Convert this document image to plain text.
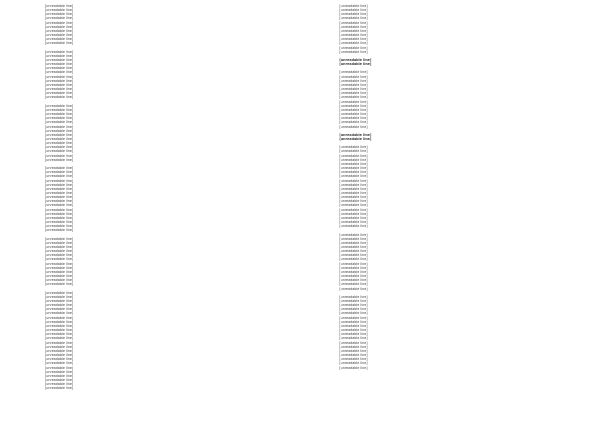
[unreadable line]
[unreadable line]
[unreadable line]
[unreadable line]
[unreadable line]
[unreadable line]
[unreadable line]
[unreadable line]
[unreadable line]
[unreadable line]
[unreadable line]
[unreadable line]
[unreadable line]
[unreadable line]
[unreadable line]
[unreadable line]
[unreadable line]
[unreadable line]
[unreadable line]
[unreadable line]
[unreadable line]
[unreadable line]
[unreadable line]
[unreadable line]
[unreadable line]
[unreadable line]
[unreadable line]
[unreadable line]
[unreadable line]
[unreadable line]
[unreadable line]
[unreadable line]
[unreadable line]
[unreadable line]
[unreadable line]
[unreadable line]
[unreadable line]
[unreadable line]
[unreadable line]
[unreadable line]
[unreadable line]
[unreadable line]
[unreadable line]
[unreadable line]
[unreadable line]
[unreadable line]
[unreadable line]
[unreadable line]
[unreadable line]
[unreadable line]
[unreadable line]
[unreadable line]
[unreadable line]
[unreadable line]
[unreadable line]
[unreadable line]
[unreadable line]
[unreadable line]
[unreadable line]
[unreadable line]
[unreadable line]
[unreadable line]
[unreadable line]
[unreadable line]
[unreadable line]
[unreadable line]
[unreadable line]
[unreadable line]
[unreadable line]
[unreadable line]
[unreadable line]
[unreadable line]
[unreadable line]
[unreadable line]
[unreadable line]
[unreadable line]
[unreadable line]
[unreadable line]
[unreadable line]
[unreadable line]
[unreadable line]
[unreadable line]
[unreadable line]
[unreadable line]
[unreadable line]
[unreadable line]
[unreadable line]
[unreadable line]
[unreadable line]
[unreadable line]
[unreadable line]
[unreadable line]
[unreadable line]
[unreadable line]
[unreadable line]
[unreadable line]
[unreadable line]
[unreadable line]
[unreadable line]
[unreadable line]
[unreadable line]
[unreadable line]
[unreadable line]
[unreadable line]
[unreadable line]
[unreadable line]
[unreadable line]
[unreadable line]
[unreadable line]
[unreadable line]
[unreadable line]
[unreadable line]
[unreadable line]
[unreadable line]
[unreadable line]
[unreadable line]
[unreadable line]
[unreadable line]
[unreadable line]
[unreadable line]
[unreadable line]
[unreadable line]
[unreadable line]
[unreadable line]
[unreadable line]
[unreadable line]
[unreadable line]
[unreadable line]
[unreadable line]
[unreadable line]
[unreadable line]
[unreadable line]
[unreadable line]
[unreadable line]
[unreadable line]
[unreadable line]
[unreadable line]
[unreadable line]
[unreadable line]
[unreadable line]
[unreadable line]
[unreadable line]
[unreadable line]
[unreadable line]
[unreadable line]
[unreadable line]
[unreadable line]
[unreadable line]
[unreadable line]
[unreadable line]
[unreadable line]
[unreadable line]
[unreadable line]
[unreadable line]
[unreadable line]
[unreadable line]
[unreadable line]
[unreadable line]
[unreadable line]
[unreadable line]
[unreadable line]
[unreadable line]
[unreadable line]
[unreadable line]
[unreadable line]
[unreadable line]
[unreadable line]
[unreadable line]
[unreadable line]
[unreadable line]
